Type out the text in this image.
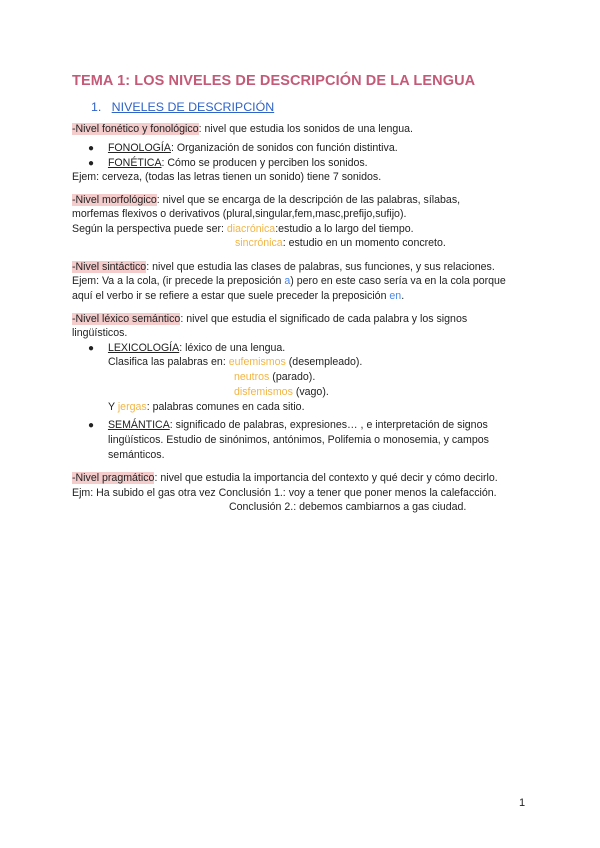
TEMA 1: LOS NIVELES DE DESCRIPCIÓN DE LA LENGUA
1. NIVELES DE DESCRIPCIÓN
-Nivel fonético y fonológico: nivel que estudia los sonidos de una lengua.
● FONOLOGÍA: Organización de sonidos con función distintiva.
● FONÉTICA: Cómo se producen y perciben los sonidos.
Ejem: cerveza, (todas las letras tienen un sonido) tiene 7 sonidos.
-Nivel morfológico: nivel que se encarga de la descripción de las palabras, sílabas,
morfemas flexivos o derivativos (plural,singular,fem,masc,prefijo,sufijo).
Según la perspectiva puede ser: diacrónica:estudio a lo largo del tiempo.
sincrónica: estudio en un momento concreto.
-Nivel sintáctico: nivel que estudia las clases de palabras, sus funciones, y sus relaciones.
Ejem: Va a la cola, (ir precede la preposición a) pero en este caso sería va en la cola porque
aquí el verbo ir se refiere a estar que suele preceder la preposición en.
-Nivel léxico semántico: nivel que estudia el significado de cada palabra y los signos
lingüísticos.
● LEXICOLOGÍA: léxico de una lengua.
Clasifica las palabras en: eufemismos (desempleado).
neutros (parado).
disfemismos (vago).
Y jergas: palabras comunes en cada sitio.
● SEMÁNTICA: significado de palabras, expresiones… , e interpretación de signos
lingüísticos. Estudio de sinónimos, antónimos, Polifemia o monosemia, y campos
semánticos.
-Nivel pragmático: nivel que estudia la importancia del contexto y qué decir y cómo decirlo.
Ejm: Ha subido el gas otra vez Conclusión 1.: voy a tener que poner menos la calefacción.
Conclusión 2.: debemos cambiarnos a gas ciudad.
1
